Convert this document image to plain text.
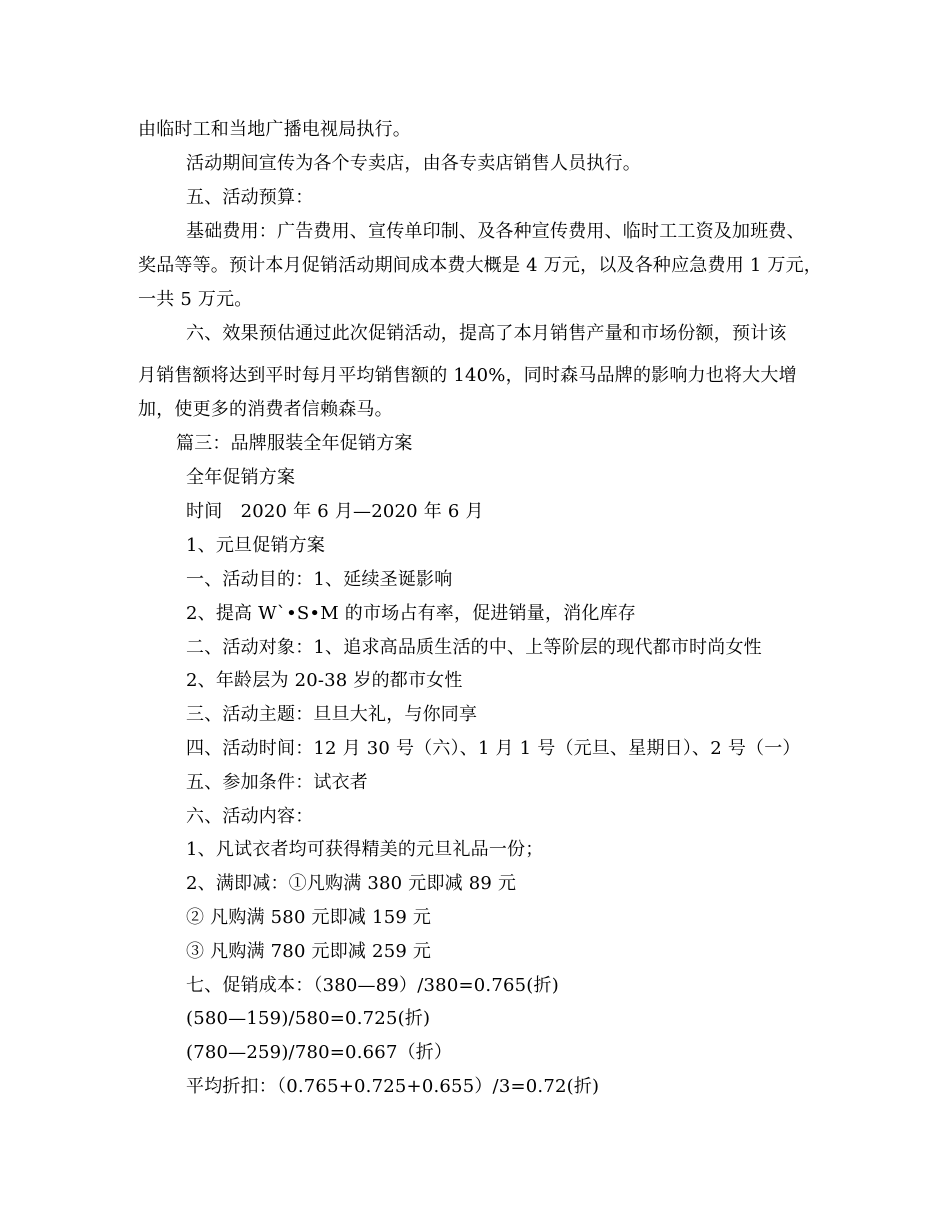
由临时工和当地广播电视局执行。
活动期间宣传为各个专卖店，由各专卖店销售人员执行。
五、活动预算：
基础费用：广告费用、宣传单印制、及各种宣传费用、临时工工资及加班费、
奖品等等。预计本月促销活动期间成本费大概是 4 万元，以及各种应急费用 1 万元，
一共 5 万元。
六、效果预估通过此次促销活动，提高了本月销售产量和市场份额，预计该
月销售额将达到平时每月平均销售额的 140%，同时森马品牌的影响力也将大大增
加，使更多的消费者信赖森马。
篇三：品牌服装全年促销方案
全年促销方案
时间　2020 年 6 月—2020 年 6 月
1、元旦促销方案
一、活动目的：1、延续圣诞影响
2、提高 W`•S•M 的市场占有率，促进销量，消化库存
二、活动对象：1、追求高品质生活的中、上等阶层的现代都市时尚女性
2、年龄层为 20-38 岁的都市女性
三、活动主题：旦旦大礼，与你同享
四、活动时间：12 月 30 号（六）、1 月 1 号（元旦、星期日）、2 号（一）
五、参加条件：试衣者
六、活动内容：
1、凡试衣者均可获得精美的元旦礼品一份；
2、满即减：①凡购满 380 元即减 89 元
② 凡购满 580 元即减 159 元
③ 凡购满 780 元即减 259 元
七、促销成本：（380—89）/380=0.765(折)
(580—159)/580=0.725(折)
(780—259)/780=0.667（折）
平均折扣：（0.765+0.725+0.655）/3=0.72(折)
